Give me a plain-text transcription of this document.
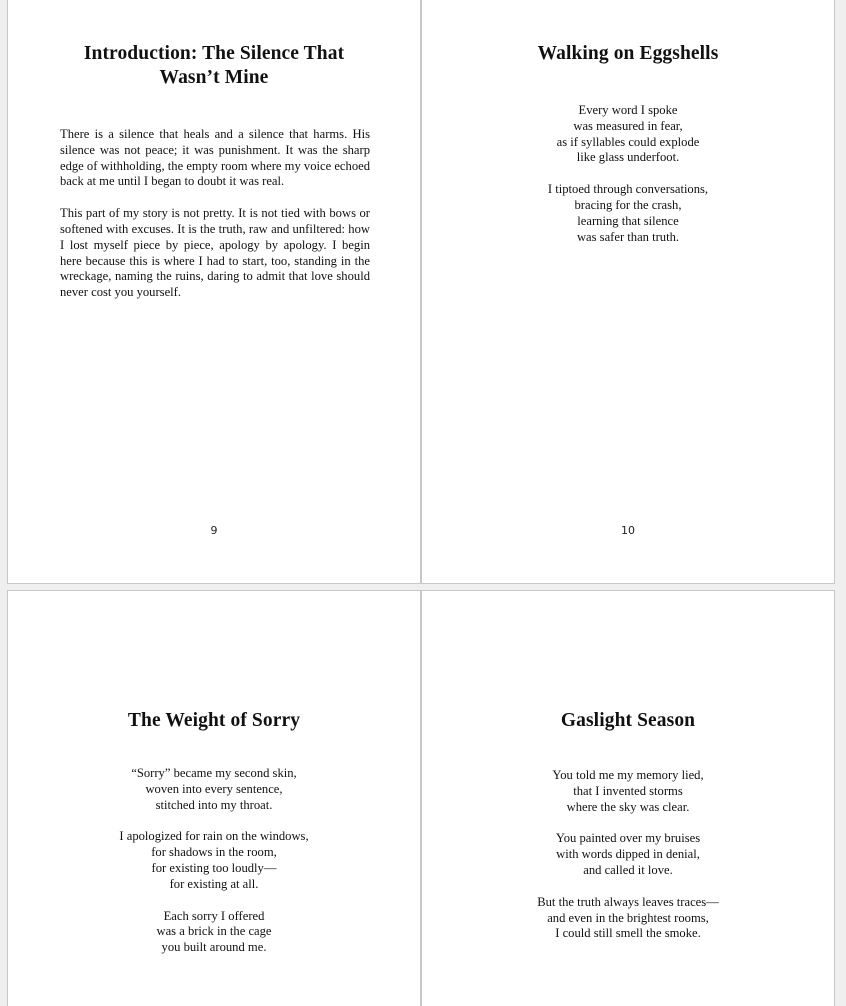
Introduction: The Silence That
Wasn’t Mine

There is a silence that heals and a silence that harms. His silence was not peace; it was punishment. It was the sharp edge of withholding, the empty room where my voice echoed back at me until I began to doubt it was real.

This part of my story is not pretty. It is not tied with bows or softened with excuses. It is the truth, raw and unfiltered: how I lost myself piece by piece, apology by apology. I begin here because this is where I had to start, too, standing in the wreckage, naming the ruins, daring to admit that love should never cost you yourself.

9
Walking on Eggshells
Every word I spoke
was measured in fear,
as if syllables could explode
like glass underfoot.
I tiptoed through conversations,
bracing for the crash,
learning that silence
was safer than truth.
10
The Weight of Sorry
“Sorry” became my second skin,
woven into every sentence,
stitched into my throat.
I apologized for rain on the windows,
for shadows in the room,
for existing too loudly—
for existing at all.
Each sorry I offered
was a brick in the cage
you built around me.
Gaslight Season
You told me my memory lied,
that I invented storms
where the sky was clear.
You painted over my bruises
with words dipped in denial,
and called it love.
But the truth always leaves traces—
and even in the brightest rooms,
I could still smell the smoke.
